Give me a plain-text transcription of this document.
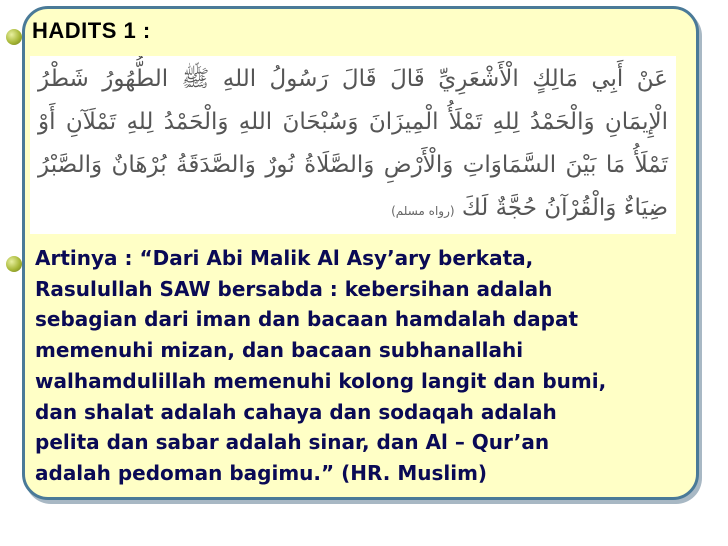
HADITS 1 :
عَنْ أَبِي مَالِكٍ الْأَشْعَرِيِّ قَالَ قَالَ رَسُولُ اللهِ ﷺ الطُّهُورُ شَطْرُ الْإِيمَانِ وَالْحَمْدُ لِلهِ تَمْلَأُ الْمِيزَانَ وَسُبْحَانَ اللهِ وَالْحَمْدُ لِلهِ تَمْلَآنِ أَوْ تَمْلَأُ مَا بَيْنَ السَّمَاوَاتِ وَالْأَرْضِ وَالصَّلَاةُ نُورٌ وَالصَّدَقَةُ بُرْهَانٌ وَالصَّبْرُ ضِيَاءٌ وَالْقُرْآنُ حُجَّةٌ لَكَ (رواه مسلم)
Artinya : “Dari Abi Malik Al Asy’ary berkata,
Rasulullah SAW bersabda : kebersihan adalah
sebagian dari iman dan bacaan hamdalah dapat
memenuhi mizan, dan bacaan subhanallahi
walhamdulillah memenuhi kolong langit dan bumi,
dan shalat adalah cahaya dan sodaqah adalah
pelita dan sabar adalah sinar, dan Al – Qur’an
adalah pedoman bagimu.” (HR. Muslim)
